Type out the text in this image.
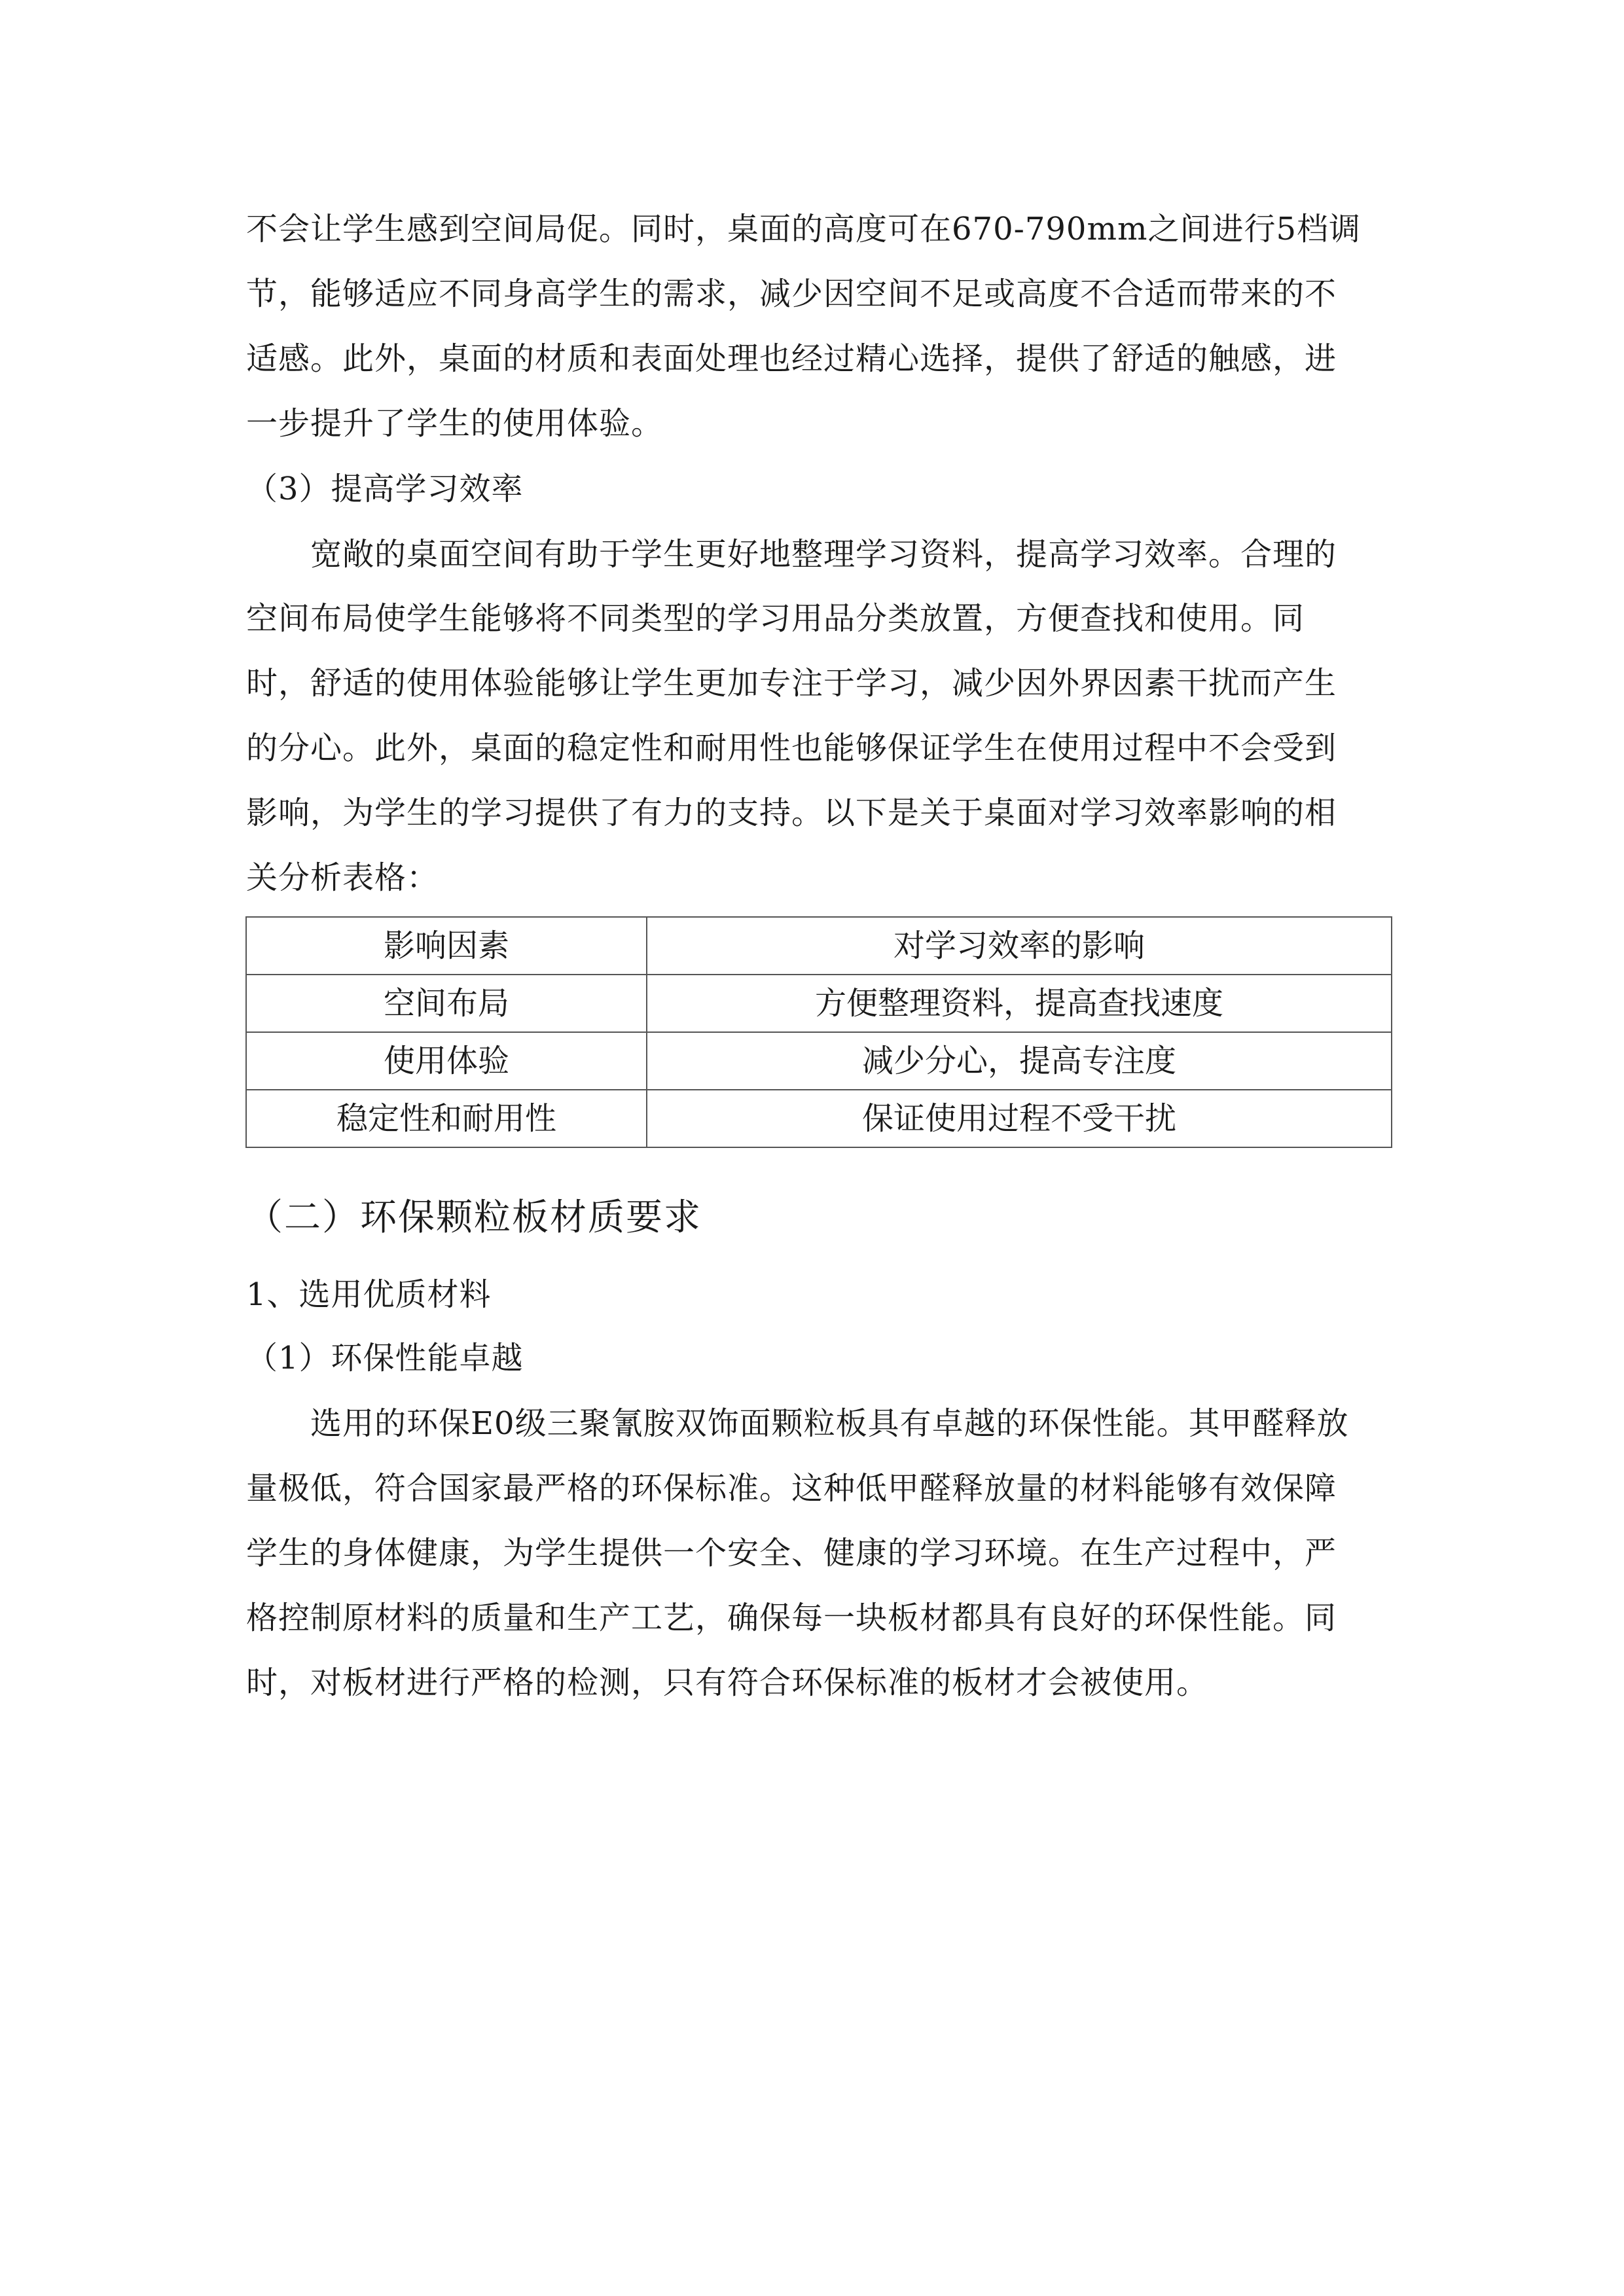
不会让学生感到空间局促。同时，桌面的高度可在670-790mm之间进行5档调
节，能够适应不同身高学生的需求，减少因空间不足或高度不合适而带来的不
适感。此外，桌面的材质和表面处理也经过精心选择，提供了舒适的触感，进
一步提升了学生的使用体验。
（3）提高学习效率
宽敞的桌面空间有助于学生更好地整理学习资料，提高学习效率。合理的
空间布局使学生能够将不同类型的学习用品分类放置，方便查找和使用。同
时，舒适的使用体验能够让学生更加专注于学习，减少因外界因素干扰而产生
的分心。此外，桌面的稳定性和耐用性也能够保证学生在使用过程中不会受到
影响，为学生的学习提供了有力的支持。以下是关于桌面对学习效率影响的相
关分析表格：
影响因素	对学习效率的影响
空间布局	方便整理资料，提高查找速度
使用体验	减少分心，提高专注度
稳定性和耐用性	保证使用过程不受干扰
（二）环保颗粒板材质要求
1、选用优质材料
（1）环保性能卓越
选用的环保E0级三聚氰胺双饰面颗粒板具有卓越的环保性能。其甲醛释放
量极低，符合国家最严格的环保标准。这种低甲醛释放量的材料能够有效保障
学生的身体健康，为学生提供一个安全、健康的学习环境。在生产过程中，严
格控制原材料的质量和生产工艺，确保每一块板材都具有良好的环保性能。同
时，对板材进行严格的检测，只有符合环保标准的板材才会被使用。
